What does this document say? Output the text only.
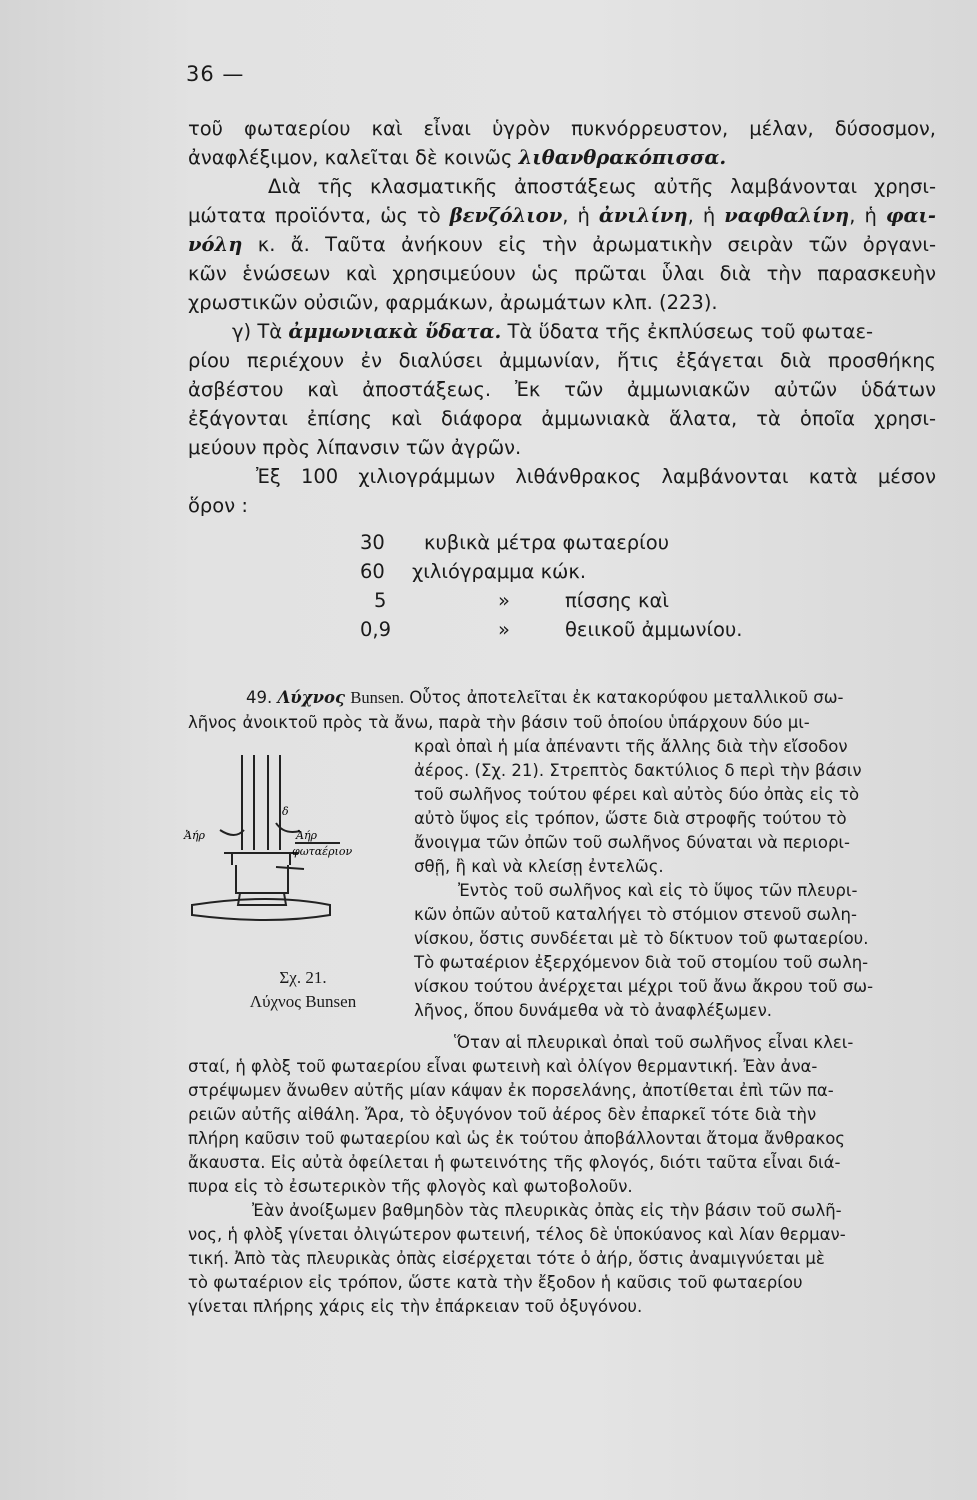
36 —
τοῦ φωταερίου καὶ εἶναι ὑγρὸν πυκνόρρευστον, μέλαν, δύσοσμον,
ἀναφλέξιμον, καλεῖται δὲ κοινῶς λιθανθρακόπισσα.
Διὰ τῆς κλασματικῆς ἀποστάξεως αὐτῆς λαμβάνονται χρησι-
μώτατα προϊόντα, ὡς τὸ βενζόλιον, ἡ ἀνιλίνη, ἡ ναφθαλίνη, ἡ φαι-
νόλη κ. ἄ. Ταῦτα ἀνήκουν εἰς τὴν ἀρωματικὴν σειρὰν τῶν ὀργανι-
κῶν ἑνώσεων καὶ χρησιμεύουν ὡς πρῶται ὗλαι διὰ τὴν παρασκευὴν
χρωστικῶν οὐσιῶν, φαρμάκων, ἀρωμάτων κλπ. (223).
γ) Τὰ ἀμμωνιακὰ ὕδατα. Τὰ ὕδατα τῆς ἐκπλύσεως τοῦ φωταε-
ρίου περιέχουν ἐν διαλύσει ἀμμωνίαν, ἥτις ἐξάγεται διὰ προσθήκης
ἀσβέστου καὶ ἀποστάξεως. Ἐκ τῶν ἀμμωνιακῶν αὐτῶν ὑδάτων
ἐξάγονται ἐπίσης καὶ διάφορα ἀμμωνιακὰ ἅλατα, τὰ ὁποῖα χρησι-
μεύουν πρὸς λίπανσιν τῶν ἀγρῶν.
Ἐξ 100 χιλιογράμμων λιθάνθρακος λαμβάνονται κατὰ μέσον
ὅρον :
30	κυβικὰ μέτρα φωταερίου
60	χιλιόγραμμα κώκ.
5	»	πίσσης καὶ
0,9	»	θειικοῦ ἀμμωνίου.
49. Λύχνος Bunsen. Οὗτος ἀποτελεῖται ἐκ κατακορύφου μεταλλικοῦ σω-
λῆνος ἀνοικτοῦ πρὸς τὰ ἄνω, παρὰ τὴν βάσιν τοῦ ὁποίου ὑπάρχουν δύο μι-
κραὶ ὀπαὶ ἡ μία ἀπέναντι τῆς ἄλλης διὰ τὴν εἴσοδον
ἀέρος. (Σχ. 21). Στρεπτὸς δακτύλιος δ περὶ τὴν βάσιν
τοῦ σωλῆνος τούτου φέρει καὶ αὐτὸς δύο ὀπὰς εἰς τὸ
αὐτὸ ὕψος εἰς τρόπον, ὥστε διὰ στροφῆς τούτου τὸ
ἄνοιγμα τῶν ὀπῶν τοῦ σωλῆνος δύναται νὰ περιορι-
σθῇ, ἢ καὶ νὰ κλείσῃ ἐντελῶς.
Ἐντὸς τοῦ σωλῆνος καὶ εἰς τὸ ὕψος τῶν πλευρι-
κῶν ὀπῶν αὐτοῦ καταλήγει τὸ στόμιον στενοῦ σωλη-
νίσκου, ὅστις συνδέεται μὲ τὸ δίκτυον τοῦ φωταερίου.
Τὸ φωταέριον ἐξερχόμενον διὰ τοῦ στομίου τοῦ σωλη-
νίσκου τούτου ἀνέρχεται μέχρι τοῦ ἄνω ἄκρου τοῦ σω-
λῆνος, ὅπου δυνάμεθα νὰ τὸ ἀναφλέξωμεν.
Ἀήρ
δ
Ἀήρ
φωταέριον
Σχ. 21.
Λύχνος Bunsen
Ὅταν αἱ πλευρικαὶ ὀπαὶ τοῦ σωλῆνος εἶναι κλει-
σταί, ἡ φλὸξ τοῦ φωταερίου εἶναι φωτεινὴ καὶ ὀλίγον θερμαντική. Ἐὰν ἀνα-
στρέψωμεν ἄνωθεν αὐτῆς μίαν κάψαν ἐκ πορσελάνης, ἀποτίθεται ἐπὶ τῶν πα-
ρειῶν αὐτῆς αἰθάλη. Ἄρα, τὸ ὀξυγόνον τοῦ ἀέρος δὲν ἐπαρκεῖ τότε διὰ τὴν
πλήρη καῦσιν τοῦ φωταερίου καὶ ὡς ἐκ τούτου ἀποβάλλονται ἄτομα ἄνθρακος
ἄκαυστα. Εἰς αὐτὰ ὀφείλεται ἡ φωτεινότης τῆς φλογός, διότι ταῦτα εἶναι διά-
πυρα εἰς τὸ ἐσωτερικὸν τῆς φλογὸς καὶ φωτοβολοῦν.
Ἐὰν ἀνοίξωμεν βαθμηδὸν τὰς πλευρικὰς ὀπὰς εἰς τὴν βάσιν τοῦ σωλῆ-
νος, ἡ φλὸξ γίνεται ὀλιγώτερον φωτεινή, τέλος δὲ ὑποκύανος καὶ λίαν θερμαν-
τική. Ἀπὸ τὰς πλευρικὰς ὀπὰς εἰσέρχεται τότε ὁ ἀήρ, ὅστις ἀναμιγνύεται μὲ
τὸ φωταέριον εἰς τρόπον, ὥστε κατὰ τὴν ἔξοδον ἡ καῦσις τοῦ φωταερίου
γίνεται πλήρης χάρις εἰς τὴν ἐπάρκειαν τοῦ ὀξυγόνου.
